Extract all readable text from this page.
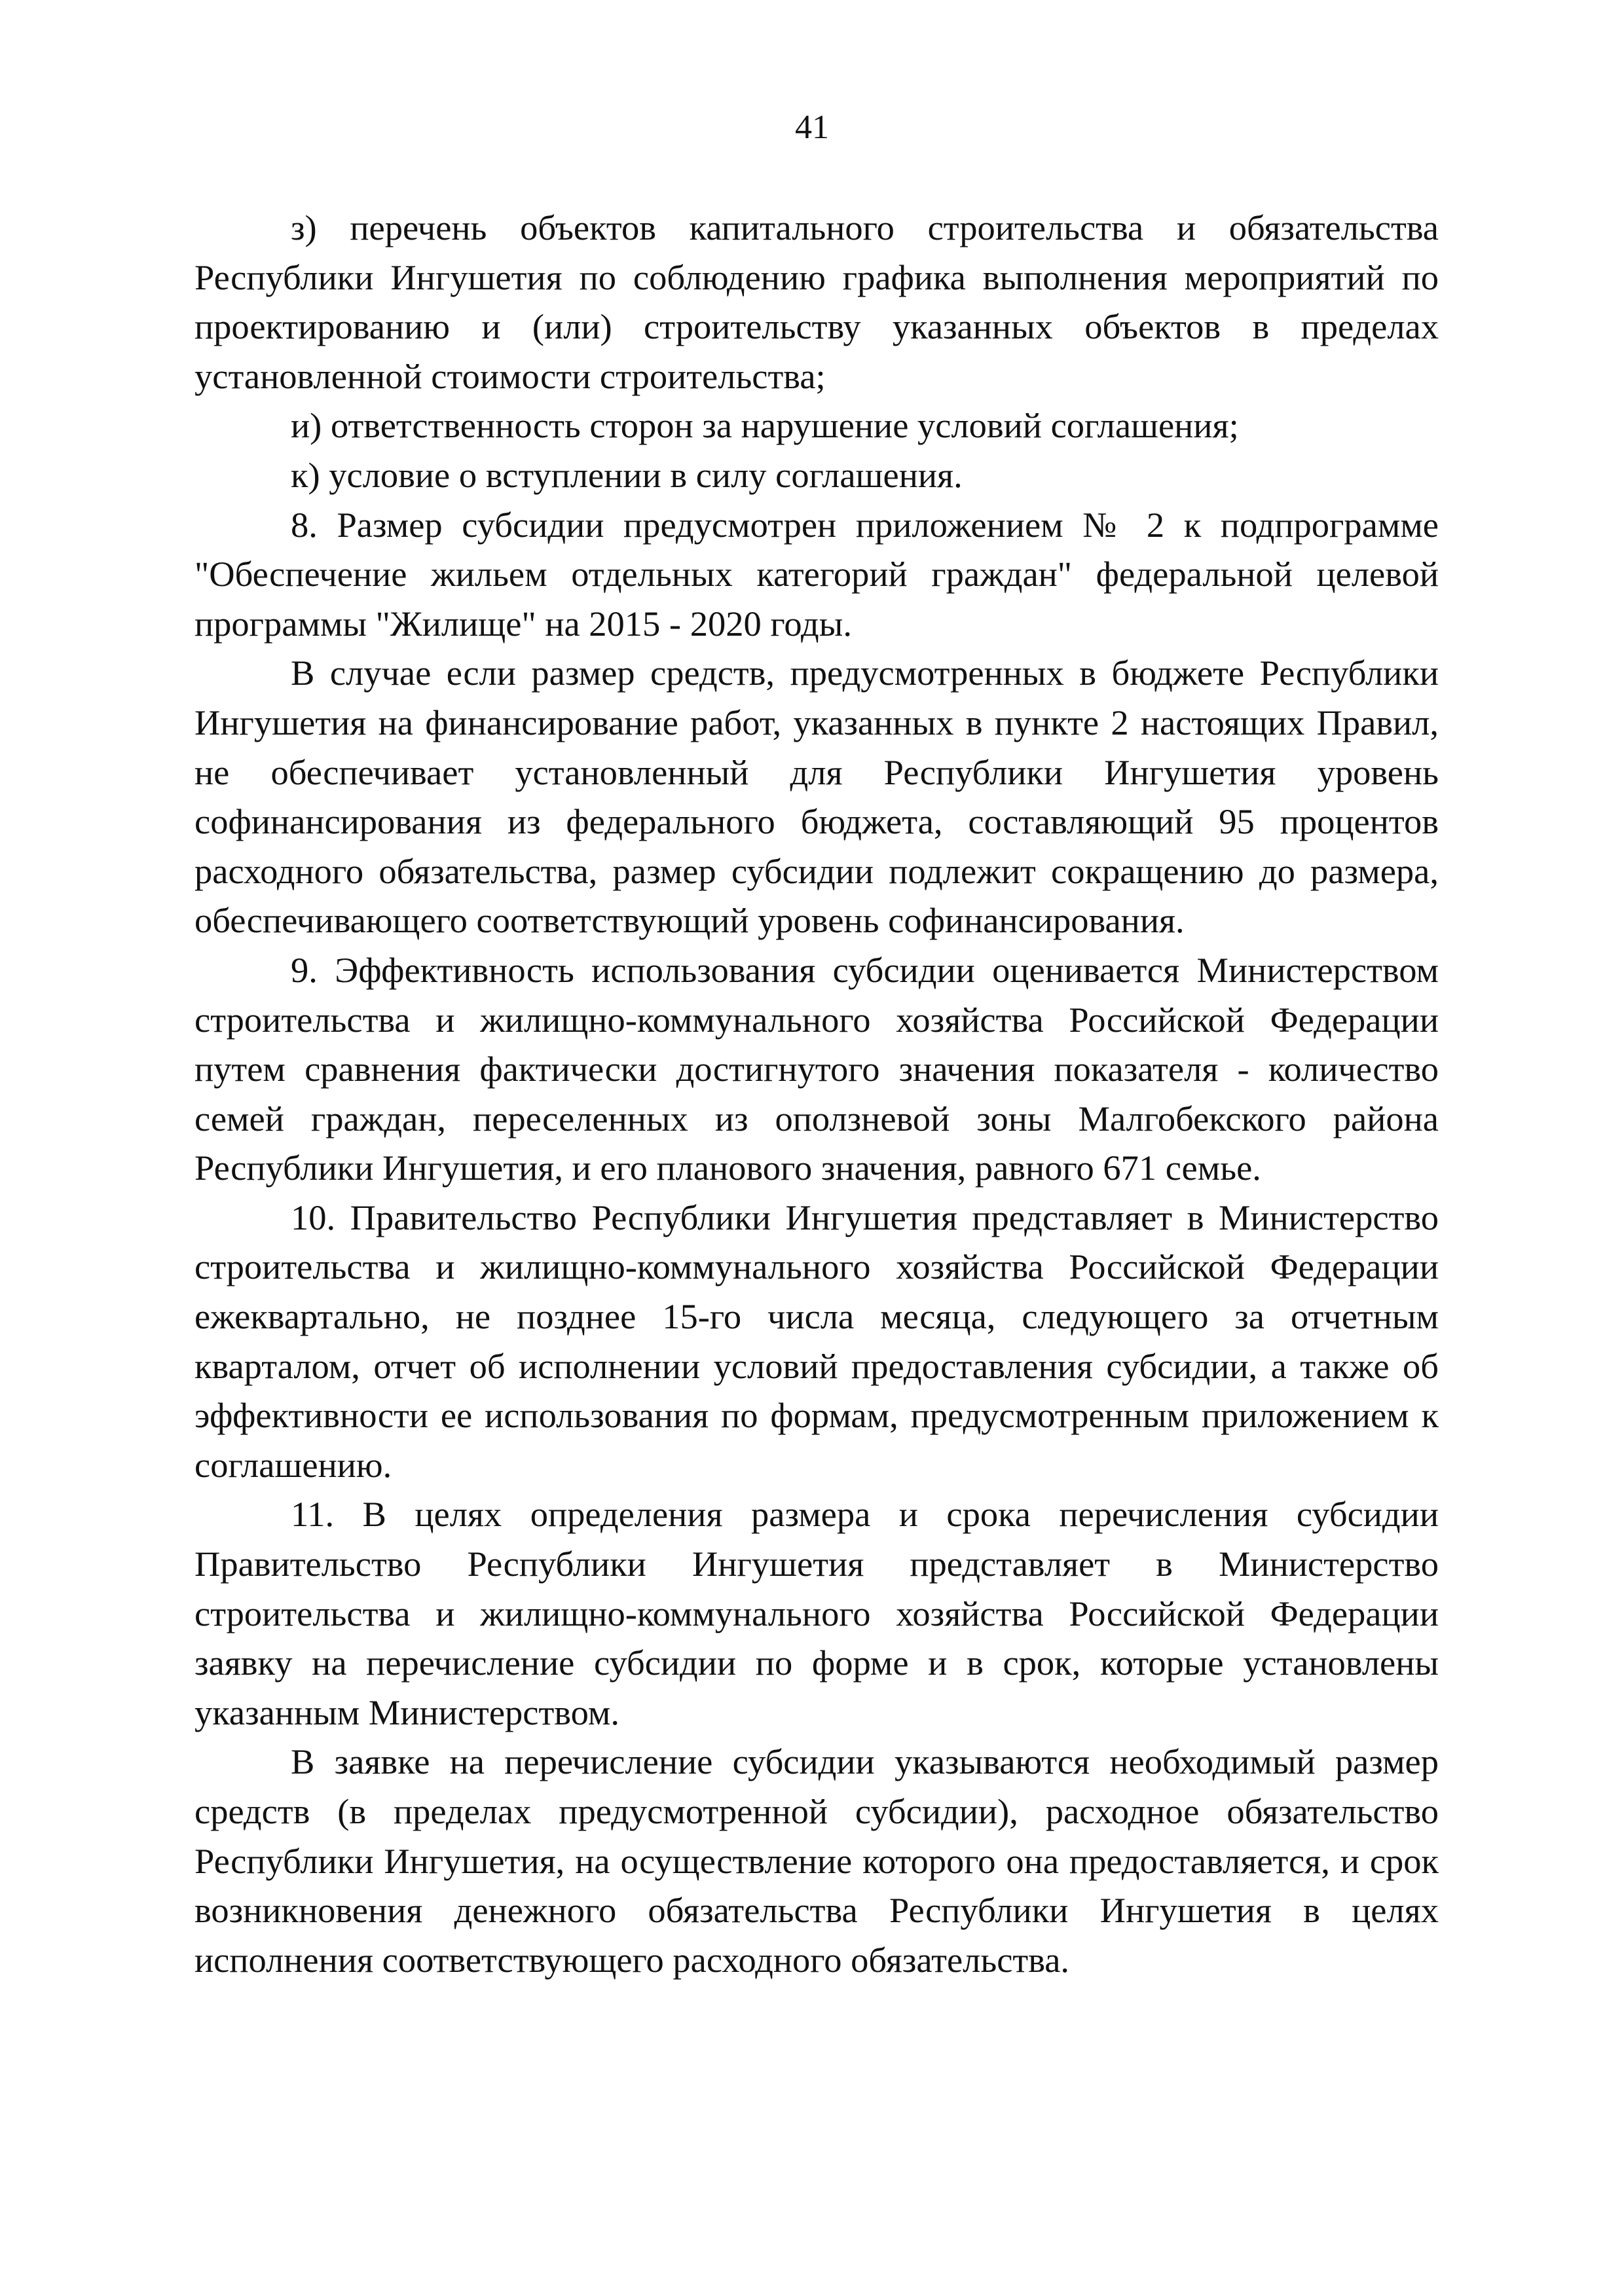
41

з) перечень объектов капитального строительства и обязательства Республики Ингушетия по соблюдению графика выполнения мероприятий по проектированию и (или) строительству указанных объектов в пределах установленной стоимости строительства;

и) ответственность сторон за нарушение условий соглашения;

к) условие о вступлении в силу соглашения.

8. Размер субсидии предусмотрен приложением № 2 к подпрограмме "Обеспечение жильем отдельных категорий граждан" федеральной целевой программы "Жилище" на 2015 - 2020 годы.

В случае если размер средств, предусмотренных в бюджете Республики Ингушетия на финансирование работ, указанных в пункте 2 настоящих Правил, не обеспечивает установленный для Республики Ингушетия уровень софинансирования из федерального бюджета, составляющий 95 процентов расходного обязательства, размер субсидии подлежит сокращению до размера, обеспечивающего соответствующий уровень софинансирования.

9. Эффективность использования субсидии оценивается Министерством строительства и жилищно-коммунального хозяйства Российской Федерации путем сравнения фактически достигнутого значения показателя - количество семей граждан, переселенных из оползневой зоны Малгобекского района Республики Ингушетия, и его планового значения, равного 671 семье.

10. Правительство Республики Ингушетия представляет в Министерство строительства и жилищно-коммунального хозяйства Российской Федерации ежеквартально, не позднее 15-го числа месяца, следующего за отчетным кварталом, отчет об исполнении условий предоставления субсидии, а также об эффективности ее использования по формам, предусмотренным приложением к соглашению.

11. В целях определения размера и срока перечисления субсидии Правительство Республики Ингушетия представляет в Министерство строительства и жилищно-коммунального хозяйства Российской Федерации заявку на перечисление субсидии по форме и в срок, которые установлены указанным Министерством.

В заявке на перечисление субсидии указываются необходимый размер средств (в пределах предусмотренной субсидии), расходное обязательство Республики Ингушетия, на осуществление которого она предоставляется, и срок возникновения денежного обязательства Республики Ингушетия в целях исполнения соответствующего расходного обязательства.
